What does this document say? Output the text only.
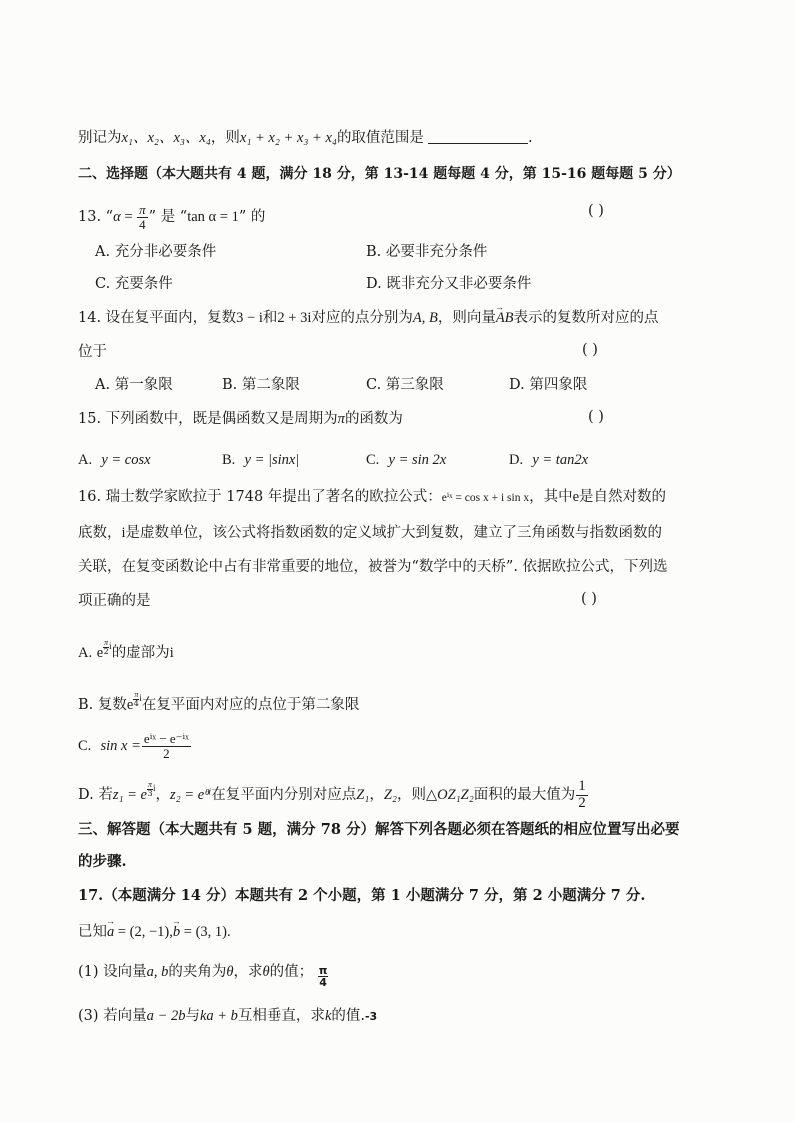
别记为x₁、x₂、x₃、x₄，则x₁ + x₂ + x₃ + x₄的取值范围是	.
二、选择题（本大题共有 4 题，满分 18 分，第 13-14 题每题 4 分，第 15-16 题每题 5 分）
13. “$\alpha = \frac{\pi}{4}$ ” 是 “tan α = 1” 的	( )
A. 充分非必要条件	B. 必要非充分条件
C. 充要条件	D. 既非充分又非必要条件
14. 设在复平面内，复数3 − i和2 + 3i对应的点分别为A, B，则向量→ AB表示的复数所对应的点
位于	( )
A. 第一象限	B. 第二象限	C. 第三象限	D. 第四象限
15. 下列函数中，既是偶函数又是周期为π的函数为	( )
A. y = cosx	B. y = |sinx|	C. y = sin 2x	D. y = tan2x
16. 瑞士数学家欧拉于 1748 年提出了著名的欧拉公式：eⁱˣ = cos x + i sin x，其中e是自然对数的
底数，i是虚数单位，该公式将指数函数的定义域扩大到复数，建立了三角函数与指数函数的
关联，在复变函数论中占有非常重要的地位，被誉为“数学中的天桥”. 依据欧拉公式，下列选
项正确的是	( )
A. e $\frac{\pi}{2} ^i$的虚部为i
B. 复数e $\frac{\pi}{4} ^i$在复平面内对应的点位于第二象限
C. $\sin x = \frac{\text{eⁱˣ − e⁻ⁱˣ}}{2}$
D. 若z₁ = e $\frac{\pi}{3} ^i$，z₂ = eᶿⁱ在复平面内分别对应点Z₁，Z₂，则△OZ₁Z₂面积的最大值为 $\frac{1}{2}$
三、解答题（本大题共有 5 题，满分 78 分）解答下列各题必须在答题纸的相应位置写出必要
的步骤.
17.（本题满分 14 分）本题共有 2 个小题，第 1 小题满分 7 分，第 2 小题满分 7 分.
已知→ a = (2, −1),→ b = (3, 1).
(1) 设向量a, b的夹角为θ，求θ的值； $\frac{\pi}{4}$
(3) 若向量a − 2b与ka + b互相垂直，求k的值.-3
